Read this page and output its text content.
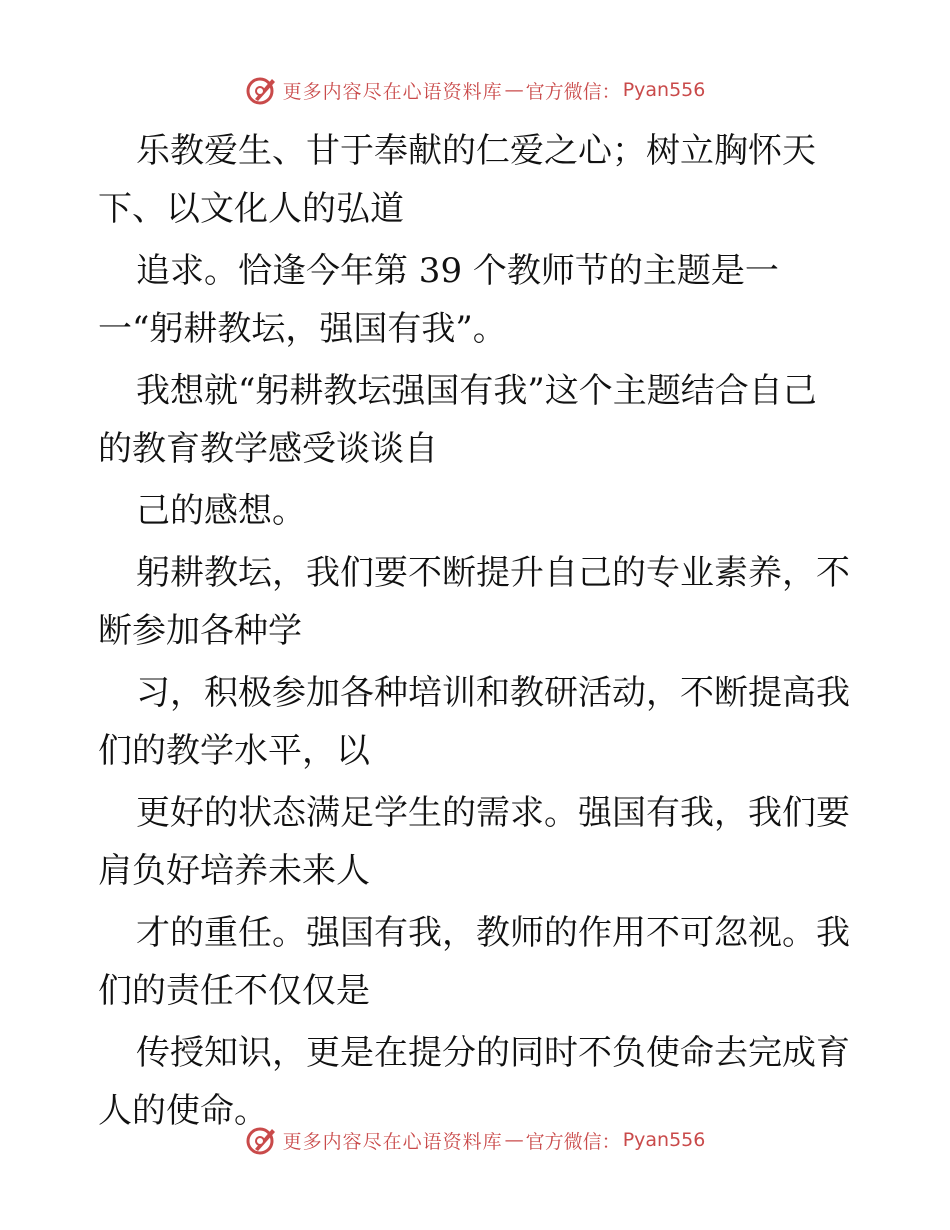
更多内容尽在心语资料库 — 官方微信： Pyan556

乐教爱生、甘于奉献的仁爱之心；树立胸怀天

下、以文化人的弘道

追求。恰逢今年第 39 个教师节的主题是一

一“躬耕教坛，强国有我”。

我想就“躬耕教坛强国有我”这个主题结合自己

的教育教学感受谈谈自

己的感想。

躬耕教坛，我们要不断提升自己的专业素养，不

断参加各种学

习，积极参加各种培训和教研活动，不断提高我

们的教学水平，以

更好的状态满足学生的需求。强国有我，我们要

肩负好培养未来人

才的重任。强国有我，教师的作用不可忽视。我

们的责任不仅仅是

传授知识，更是在提分的同时不负使命去完成育

人的使命。

更多内容尽在心语资料库 — 官方微信： Pyan556
